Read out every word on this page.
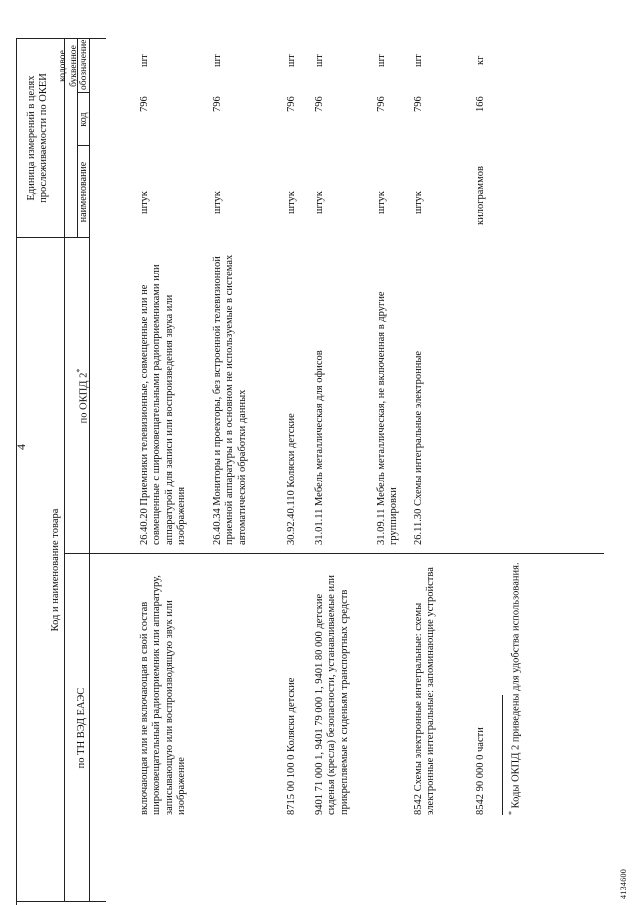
4
Код и наименование товара
по ТН ВЭД ЕАЭС
по ОКПД 2*
Единица измерений в целях прослеживаемости по ОКЕИ	наименование
код
кодовое буквенное обозначение
включающая или не включающая в свой состав широковещательный радиоприемник или аппаратуру, записывающую или воспроизводящую звук или изображение
26.40.20 Приемники телевизионные, совмещенные или не совмещенные с широковещательными радиоприемниками или аппаратурой для записи или воспроизведения звука или изображения
штук
796
шт
26.40.34 Мониторы и проекторы, без встроенной телевизионной приемной аппаратуры и в основном не используемые в системах автоматической обработки данных
штук
796
шт
8715 00 100 0 Коляски детские
30.92.40.110 Коляски детские
штук
796
шт
9401 71 000 1, 9401 79 000 1, 9401 80 000 детские сиденья (кресла) безопасности, устанавливаемые или прикрепляемые к сиденьям транспортных средств
31.01.11 Мебель металлическая для офисов
штук
796
шт
31.09.11 Мебель металлическая, не включенная в другие группировки
штук
796
шт
8542 Схемы электронные интегральные: схемы электронные интегральные: запоминающие устройства
26.11.30 Схемы интегральные электронные
штук
796
шт
8542 90 000 0 части
килограммов
166
кг
* Коды ОКПД 2 приведены для удобства использования.
4134600
